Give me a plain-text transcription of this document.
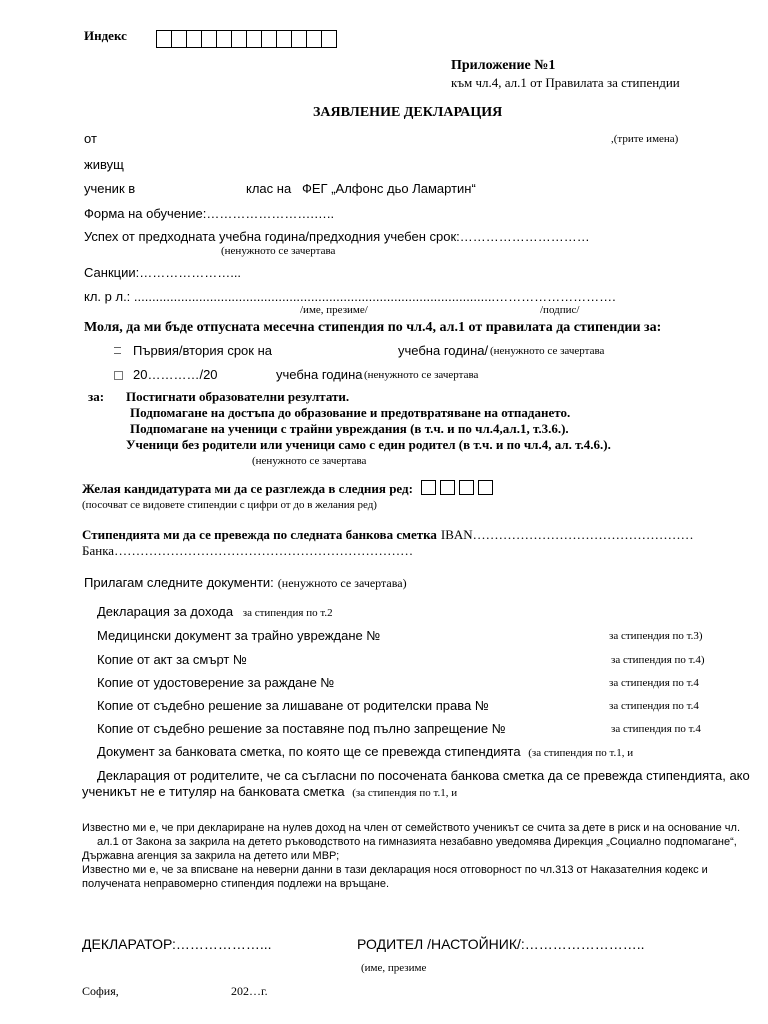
Индекс
Приложение №1
към чл.4, ал.1 от Правилата за стипендии
ЗАЯВЛЕНИЕ ДЕКЛАРАЦИЯ
от	,(трите имена)
живущ
ученик в	клас на ФЕГ „Алфонс дьо Ламартин“
Форма на обучение:…………………….…..
Успех от предходната учебна година/предходния учебен срок:…………………………
(ненужното се зачертава
Санкции:…………………...
кл. р л.: ....................................................................................................……………………….
/име, презиме/	/подпис/
Моля, да ми бъде отпусната месечна стипендия по чл.4, ал.1 от правилата да стипендии за:
Първия/втория срок на	учебна година/ (ненужното се зачертава
20…………/20	учебна година (ненужното се зачертава
за: Постигнати образователни резултати.
Подпомагане на достъпа до образование и предотвратяване на отпадането.
Подпомагане на ученици с трайни увреждания (в т.ч. и по чл.4,ал.1, т.3.6.).
Ученици без родители или ученици само с един родител (в т.ч. и по чл.4, ал. т.4.6.).
(ненужното се зачертава
Желая кандидатурата ми да се разглежда в следния ред:
(посочват се видовете стипендии с цифри от до в желания ред)
Стипендията ми да се превежда по следната банкова сметка IBAN……………………………………………
Банка……………………………………………………………
Прилагам следните документи: (ненужното се зачертава)
Декларация за дохода за стипендия по т.2
Медицински документ за трайно увреждане №	за стипендия по т.3)
Копие от акт за смърт №	за стипендия по т.4)
Копие от удостоверение за раждане №	за стипендия по т.4
Копие от съдебно решение за лишаване от родителски права №	за стипендия по т.4
Копие от съдебно решение за поставяне под пълно запрещение №	за стипендия по т.4
Документ за банковата сметка, по която ще се превежда стипендията (за стипендия по т.1, и
Декларация от родителите, че са съгласни по посочената банкова сметка да се превежда стипендията, ако
ученикът не е титуляр на банковата сметка (за стипендия по т.1, и
Известно ми е, че при деклариране на нулев доход на член от семейството ученикът се счита за дете в риск и на основание чл.
ал.1 от Закона за закрила на детето ръководството на гимназията незабавно уведомява Дирекция „Социално подпомагане“,
Държавна агенция за закрила на детето или МВР;
Известно ми е, че за вписване на неверни данни в тази декларация нося отговорност по чл.313 от Наказателния кодекс и
получената неправомерно стипендия подлежи на връщане.
ДЕКЛАРАТОР:………………...	РОДИТЕЛ /НАСТОЙНИК/:……………………..
(име, презиме
София,	202…г.
